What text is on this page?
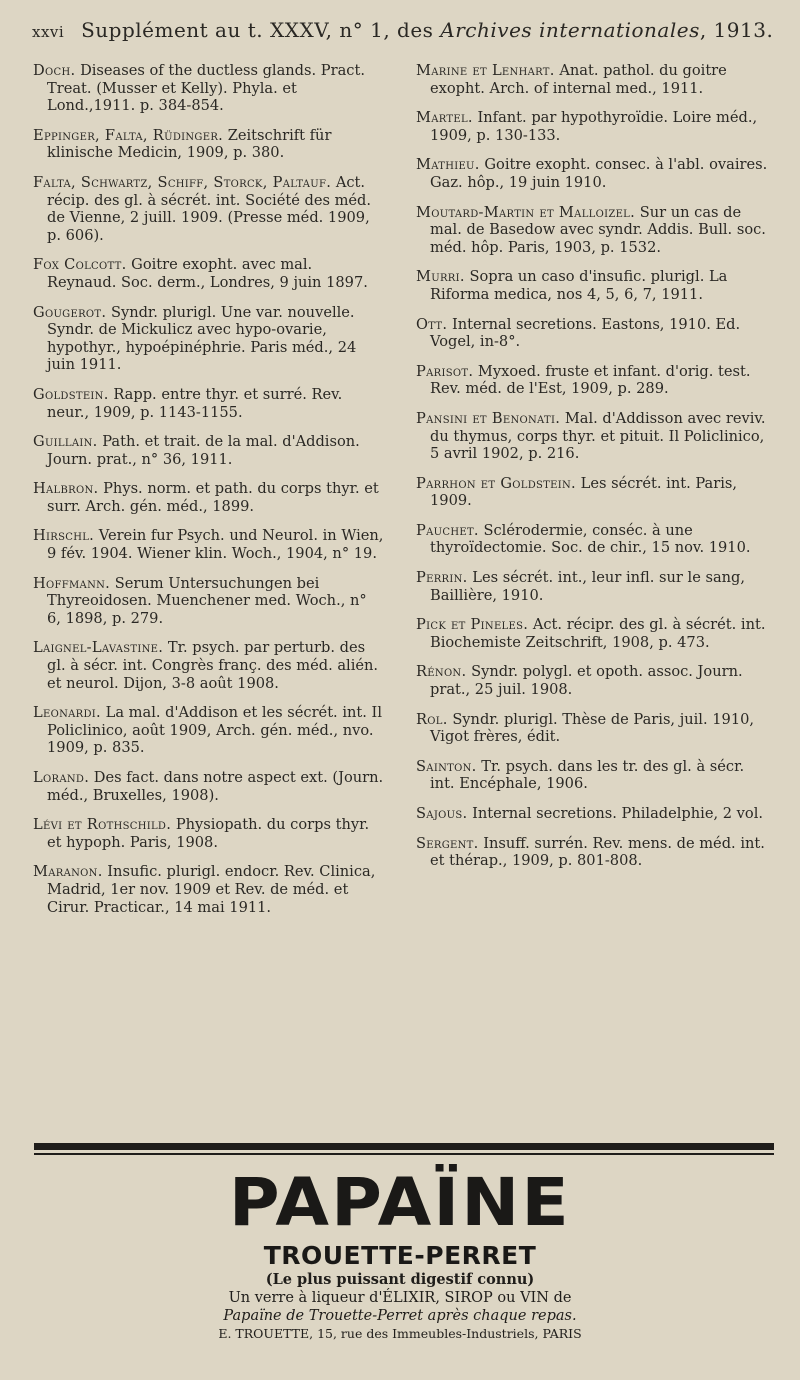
xxvi Supplément au t. XXXV, n° 1, des Archives internationales, 1913.

Doch. Diseases of the ductless glands. Pract. Treat. (Musser et Kelly). Phyla. et Lond.,1911. p. 384-854.

Eppinger, Falta, Rüdinger. Zeitschrift für klinische Medicin, 1909, p. 380.

Falta, Schwartz, Schiff, Storck, Paltauf. Act. récip. des gl. à sécrét. int. Société des méd. de Vienne, 2 juill. 1909. (Presse méd. 1909, p. 606).

Fox Colcott. Goitre exopht. avec mal. Reynaud. Soc. derm., Londres, 9 juin 1897.

Gougerot. Syndr. plurigl. Une var. nouvelle. Syndr. de Mickulicz avec hypo-ovarie, hypothyr., hypoépinéphrie. Paris méd., 24 juin 1911.

Goldstein. Rapp. entre thyr. et surré. Rev. neur., 1909, p. 1143-1155.

Guillain. Path. et trait. de la mal. d'Addison. Journ. prat., n° 36, 1911.

Halbron. Phys. norm. et path. du corps thyr. et surr. Arch. gén. méd., 1899.

Hirschl. Verein fur Psych. und Neurol. in Wien, 9 fév. 1904. Wiener klin. Woch., 1904, n° 19.

Hoffmann. Serum Untersuchungen bei Thyreoidosen. Muenchener med. Woch., n° 6, 1898, p. 279.

Laignel-Lavastine. Tr. psych. par perturb. des gl. à sécr. int. Congrès franç. des méd. alién. et neurol. Dijon, 3-8 août 1908.

Leonardi. La mal. d'Addison et les sécrét. int. Il Policlinico, août 1909, Arch. gén. méd., nvo. 1909, p. 835.

Lorand. Des fact. dans notre aspect ext. (Journ. méd., Bruxelles, 1908).

Lévi et Rothschild. Physiopath. du corps thyr. et hypoph. Paris, 1908.

Maranon. Insufic. plurigl. endocr. Rev. Clinica, Madrid, 1er nov. 1909 et Rev. de méd. et Cirur. Practicar., 14 mai 1911.

Marine et Lenhart. Anat. pathol. du goitre exopht. Arch. of internal med., 1911.

Martel. Infant. par hypothyroïdie. Loire méd., 1909, p. 130-133.

Mathieu. Goitre exopht. consec. à l'abl. ovaires. Gaz. hôp., 19 juin 1910.

Moutard-Martin et Malloizel. Sur un cas de mal. de Basedow avec syndr. Addis. Bull. soc. méd. hôp. Paris, 1903, p. 1532.

Murri. Sopra un caso d'insufic. plurigl. La Riforma medica, nos 4, 5, 6, 7, 1911.

Ott. Internal secretions. Eastons, 1910. Ed. Vogel, in-8°.

Parisot. Myxoed. fruste et infant. d'orig. test. Rev. méd. de l'Est, 1909, p. 289.

Pansini et Benonati. Mal. d'Addisson avec reviv. du thymus, corps thyr. et pituit. Il Policlinico, 5 avril 1902, p. 216.

Parrhon et Goldstein. Les sécrét. int. Paris, 1909.

Pauchet. Sclérodermie, conséc. à une thyroïdectomie. Soc. de chir., 15 nov. 1910.

Perrin. Les sécrét. int., leur infl. sur le sang, Baillière, 1910.

Pick et Pineles. Act. récipr. des gl. à sécrét. int. Biochemiste Zeitschrift, 1908, p. 473.

Rénon. Syndr. polygl. et opoth. assoc. Journ. prat., 25 juil. 1908.

Rol. Syndr. plurigl. Thèse de Paris, juil. 1910, Vigot frères, édit.

Sainton. Tr. psych. dans les tr. des gl. à sécr. int. Encéphale, 1906.

Sajous. Internal secretions. Philadelphie, 2 vol.

Sergent. Insuff. surrén. Rev. mens. de méd. int. et thérap., 1909, p. 801-808.

PAPAÏNE
TROUETTE-PERRET
(Le plus puissant digestif connu)
Un verre à liqueur d'ÉLIXIR, SIROP ou VIN de
Papaïne de Trouette-Perret après chaque repas.
E. TROUETTE, 15, rue des Immeubles-Industriels, PARIS
